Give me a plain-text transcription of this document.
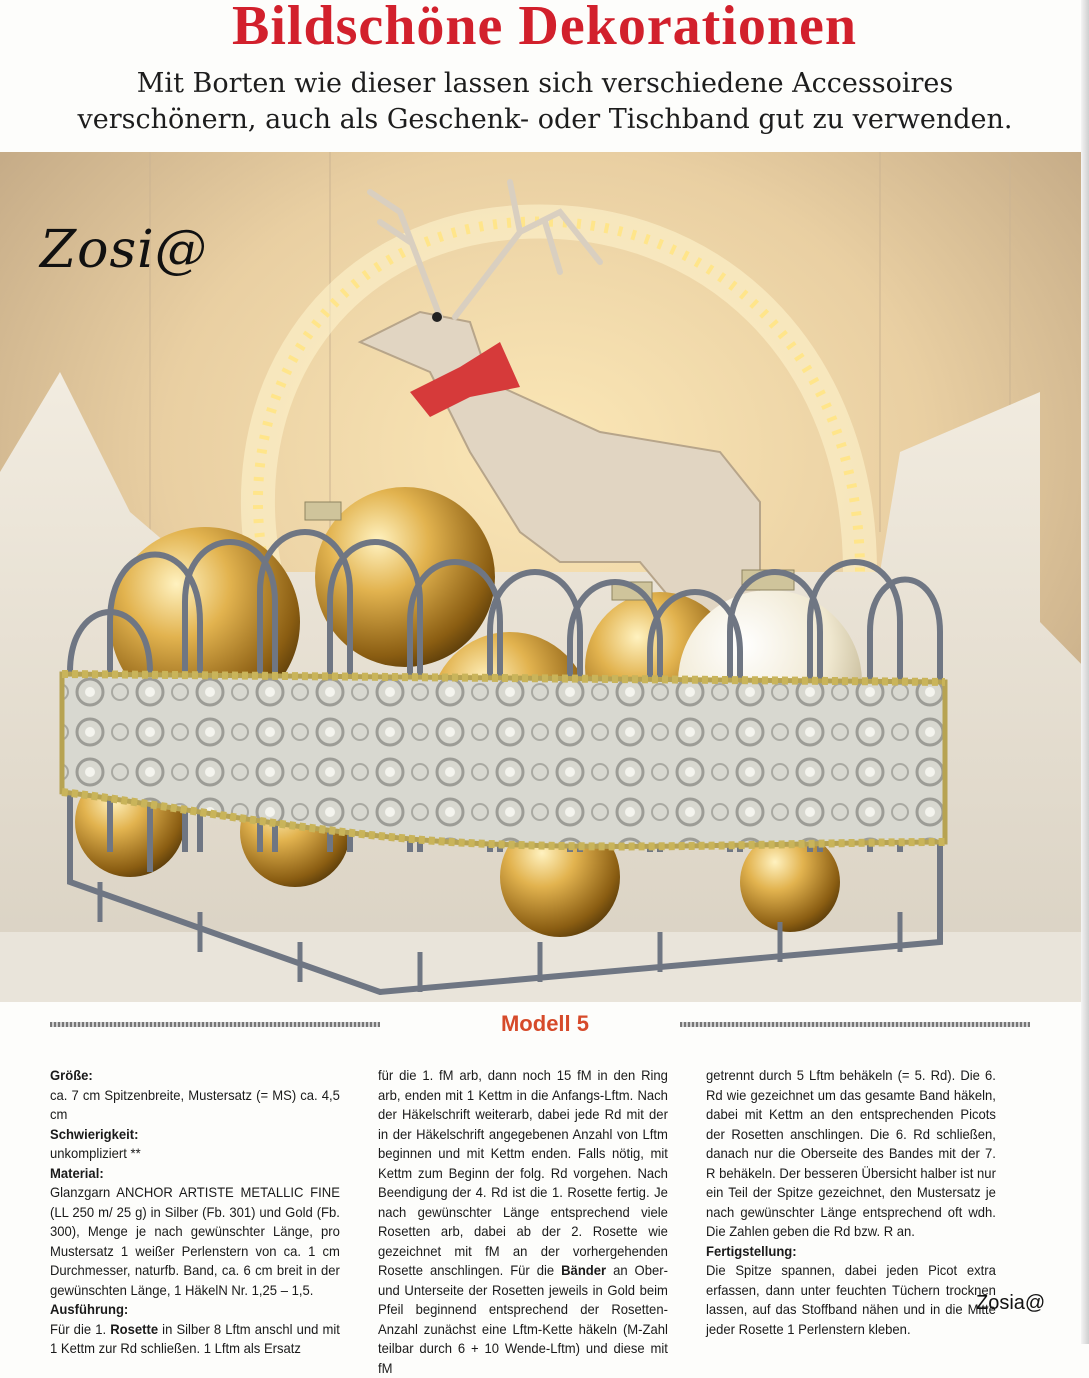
Bildschöne Dekorationen
Mit Borten wie dieser lassen sich verschiedene Accessoires
verschönern, auch als Geschenk- oder Tischband gut zu verwenden.
Zosi@
Modell 5
Größe:

ca. 7 cm Spitzenbreite, Mustersatz (= MS) ca. 4,5 cm

Schwierigkeit:

unkompliziert **

Material:

Glanzgarn ANCHOR ARTISTE METALLIC FINE (LL 250 m/ 25 g) in Silber (Fb. 301) und Gold (Fb. 300), Menge je nach gewünschter Länge, pro Mustersatz 1 weißer Perlenstern von ca. 1 cm Durchmesser, naturfb. Band, ca. 6 cm breit in der gewünschten Länge, 1 HäkelN Nr. 1,25 – 1,5.

Ausführung:

Für die 1. Rosette in Silber 8 Lftm anschl und mit 1 Kettm zur Rd schließen. 1 Lftm als Ersatz

für die 1. fM arb, dann noch 15 fM in den Ring arb, enden mit 1 Kettm in die Anfangs-Lftm. Nach der Häkelschrift weiterarb, dabei jede Rd mit der in der Häkelschrift angegebenen Anzahl von Lftm beginnen und mit Kettm enden. Falls nötig, mit Kettm zum Beginn der folg. Rd vorgehen. Nach Beendigung der 4. Rd ist die 1. Rosette fertig. Je nach gewünschter Länge entsprechend viele Rosetten arb, dabei ab der 2. Rosette wie gezeichnet mit fM an der vorhergehenden Rosette anschlingen. Für die Bänder an Ober- und Unterseite der Rosetten jeweils in Gold beim Pfeil beginnend entsprechend der Rosetten-Anzahl zunächst eine Lftm-Kette häkeln (M-Zahl teilbar durch 6 + 10 Wende-Lftm) und diese mit fM

getrennt durch 5 Lftm behäkeln (= 5. Rd). Die 6. Rd wie gezeichnet um das gesamte Band häkeln, dabei mit Kettm an den entsprechenden Picots der Rosetten anschlingen. Die 6. Rd schließen, danach nur die Oberseite des Bandes mit der 7. R behäkeln. Der besseren Übersicht halber ist nur ein Teil der Spitze gezeichnet, den Mustersatz je nach gewünschter Länge entsprechend oft wdh. Die Zahlen geben die Rd bzw. R an.

Fertigstellung:

Die Spitze spannen, dabei jeden Picot extra erfassen, dann unter feuchten Tüchern trocknen lassen, auf das Stoffband nähen und in die Mitte jeder Rosette 1 Perlenstern kleben.

Zosia@
